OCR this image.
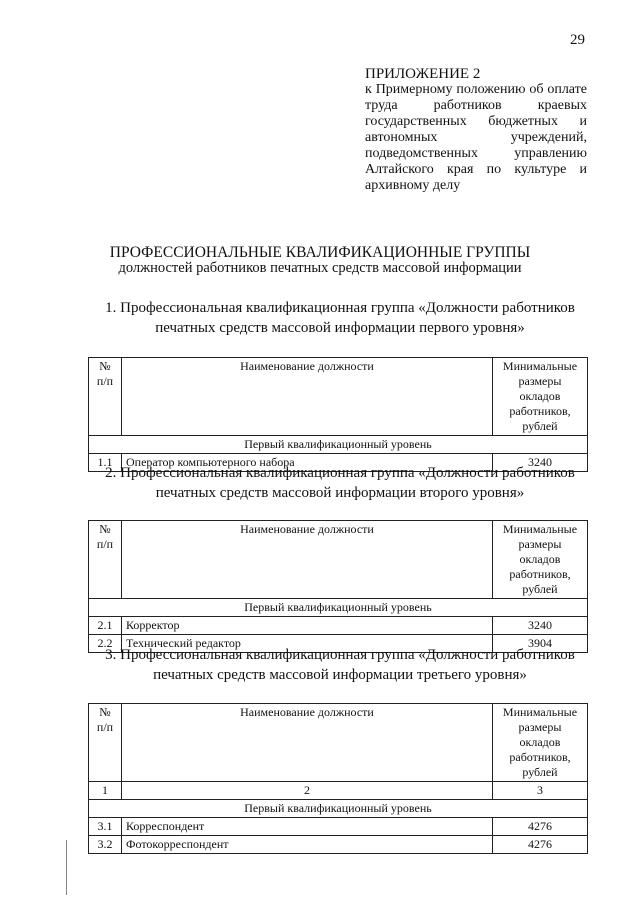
29
ПРИЛОЖЕНИЕ 2
к Примерному положению об оплате труда работников краевых государственных бюджетных и автономных учреждений, подведомственных управлению Алтайского края по культуре и архивному делу
ПРОФЕССИОНАЛЬНЫЕ КВАЛИФИКАЦИОННЫЕ ГРУППЫ
должностей работников печатных средств массовой информации
1. Профессиональная квалификационная группа «Должности работников печатных средств массовой информации первого уровня»
№ п/п	Наименование должности	Минимальные размеры окладов работников, рублей
Первый квалификационный уровень		
1.1	Оператор компьютерного набора	3240
2. Профессиональная квалификационная группа «Должности работников печатных средств массовой информации второго уровня»
№ п/п	Наименование должности	Минимальные размеры окладов работников, рублей
Первый квалификационный уровень		
2.1	Корректор	3240
2.2	Технический редактор	3904
3. Профессиональная квалификационная группа «Должности работников печатных средств массовой информации третьего уровня»
№ п/п	Наименование должности	Минимальные размеры окладов работников, рублей
1	2	3
Первый квалификационный уровень		
3.1	Корреспондент	4276
3.2	Фотокорреспондент	4276
